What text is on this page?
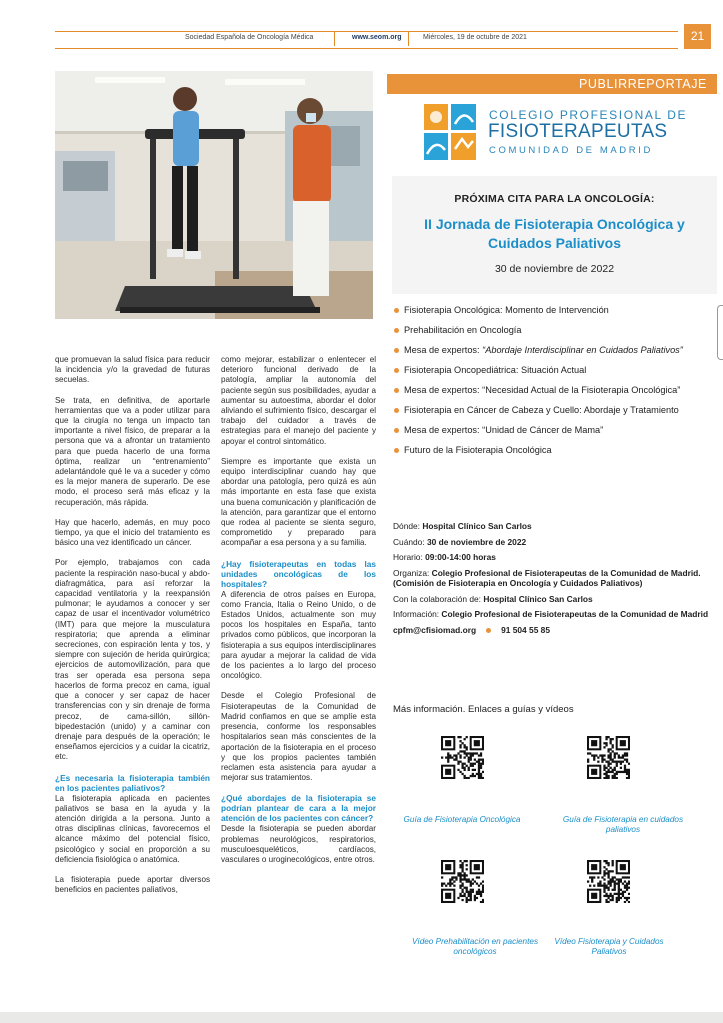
Sociedad Española de Oncología Médica	www.seom.org	Miércoles, 19 de octubre de 2021	21

que promuevan la salud física para reducir la incidencia y/o la gravedad de futuras secuelas.

Se trata, en definitiva, de aportarle herramientas que va a poder utilizar para que la cirugía no tenga un impacto tan importante a nivel físico, de preparar a la persona que va a afrontar un tratamiento para que pueda hacerlo de una forma óptima, realizar un “entrenamiento” adelantándole qué le va a suceder y cómo es la mejor manera de superarlo. De ese modo, el proceso será más eficaz y la recuperación, más rápida.

Hay que hacerlo, además, en muy poco tiempo, ya que el inicio del tratamiento es básico una vez identificado un cáncer.

Por ejemplo, trabajamos con cada paciente la respiración naso-bucal y abdo-diafragmática, para así reforzar la capacidad ventilatoria y la reexpansión pulmonar; le ayudamos a conocer y ser capaz de usar el incentivador volumétrico (IMT) para que mejore la musculatura respiratoria; que aprenda a eliminar secreciones, con espiración lenta y tos, y siempre con sujeción de herida quirúrgica; ejercicios de automovilización, para que tras ser operada esa persona sepa hacerlos de forma precoz en cama, igual que a conocer y ser capaz de hacer transferencias con y sin drenaje de forma precoz, de cama-sillón, sillón-bipedestación (unido) y a caminar con drenaje para después de la operación; le enseñamos ejercicios y a cuidar la cicatriz, etc.

¿Es necesaria la fisioterapia también en los pacientes paliativos?

La fisioterapia aplicada en pacientes paliativos se basa en la ayuda y la atención dirigida a la persona. Junto a otras disciplinas clínicas, favorecemos el alcance máximo del potencial físico, psicológico y social en proporción a su deficiencia fisiológica o anatómica.

La fisioterapia puede aportar diversos beneficios en pacientes paliativos,

como mejorar, estabilizar o enlentecer el deterioro funcional derivado de la patología, ampliar la autonomía del paciente según sus posibilidades, ayudar a aumentar su autoestima, abordar el dolor aliviando el sufrimiento físico, descargar el trabajo del cuidador a través de estrategias para el manejo del paciente y apoyar el control sintomático.

Siempre es importante que exista un equipo interdisciplinar cuando hay que abordar una patología, pero quizá es aún más importante en esta fase que exista una buena comunicación y planificación de la atención, para garantizar que el entorno que rodea al paciente se sienta seguro, comprometido y preparado para acompañar a esa persona y a su familia.

¿Hay fisioterapeutas en todas las unidades oncológicas de los hospitales?

A diferencia de otros países en Europa, como Francia, Italia o Reino Unido, o de Estados Unidos, actualmente son muy pocos los hospitales en España, tanto privados como públicos, que incorporan la fisioterapia a sus equipos interdisciplinares para ayudar a mejorar la calidad de vida de los pacientes a lo largo del proceso oncológico.

Desde el Colegio Profesional de Fisioterapeutas de la Comunidad de Madrid confiamos en que se amplíe esta presencia, conforme los responsables hospitalarios sean más conscientes de la aportación de la fisioterapia en el proceso y que los propios pacientes también reclamen esta asistencia para ayudar a mejorar sus tratamientos.

¿Qué abordajes de la fisioterapia se podrían plantear de cara a la mejor atención de los pacientes con cáncer?

Desde la fisioterapia se pueden abordar problemas neurológicos, respiratorios, musculoesqueléticos, cardíacos, vasculares o uroginecológicos, entre otros.

PUBLIRREPORTAJE
COLEGIO PROFESIONAL DE
FISIOTERAPEUTAS
COMUNIDAD DE MADRID
PRÓXIMA CITA PARA LA ONCOLOGÍA:
II Jornada de Fisioterapia Oncológica y Cuidados Paliativos
30 de noviembre de 2022
Fisioterapia Oncológica: Momento de Intervención
Prehabilitación en Oncología
Mesa de expertos: “Abordaje Interdisciplinar en Cuidados Paliativos”
Fisioterapia Oncopediátrica: Situación Actual
Mesa de expertos: “Necesidad Actual de la Fisioterapia Oncológica”
Fisioterapia en Cáncer de Cabeza y Cuello: Abordaje y Tratamiento
Mesa de expertos: “Unidad de Cáncer de Mama”
Futuro de la Fisioterapia Oncológica
Dónde: Hospital Clínico San Carlos
Cuándo: 30 de noviembre de 2022
Horario: 09:00-14:00 horas
Organiza: Colegio Profesional de Fisioterapeutas de la Comunidad de Madrid. (Comisión de Fisioterapia en Oncología y Cuidados Paliativos)
Con la colaboración de: Hospital Clínico San Carlos
Información: Colegio Profesional de Fisioterapeutas de la Comunidad de Madrid
cpfm@cfisiomad.org	91 504 55 85
Más información. Enlaces a guías y vídeos
Guía de Fisioterapia Oncológica	Guía de Fisioterapia en cuidados paliativos
Vídeo Prehabilitación en pacientes oncológicos
Vídeo Fisioterapia y Cuidados Paliativos
